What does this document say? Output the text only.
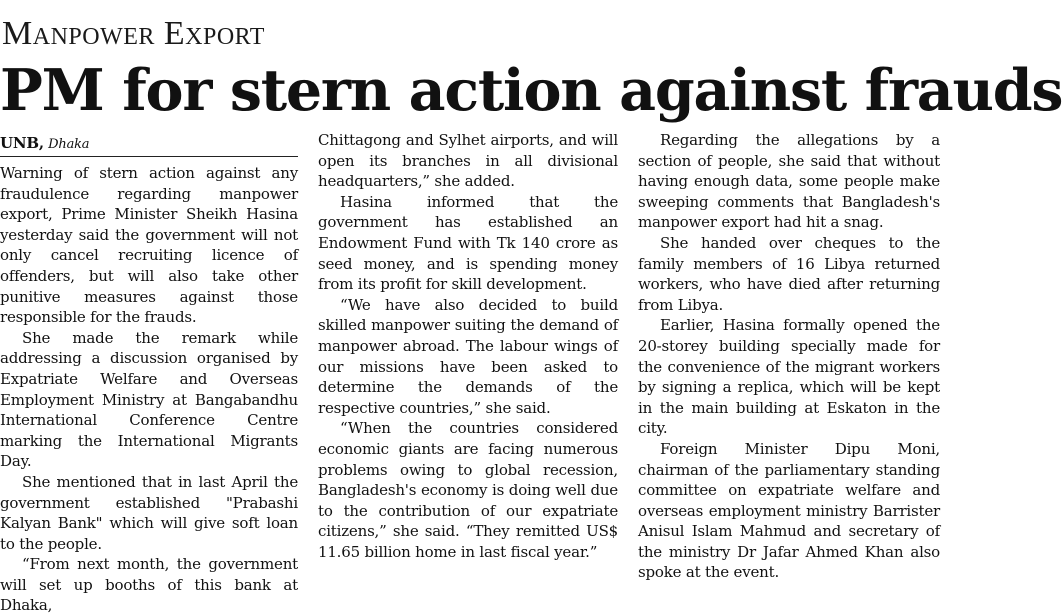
Manpower Export
PM for stern action against frauds
UNB, Dhaka

Warning of stern action against any fraudulence regarding manpower export, Prime Minister Sheikh Hasina yesterday said the government will not only cancel recruiting licence of offenders, but will also take other punitive measures against those responsible for the frauds.

She made the remark while addressing a discussion organised by Expatriate Welfare and Overseas Employment Ministry at Bangabandhu International Conference Centre marking the International Migrants Day.

She mentioned that in last April the government established "Prabashi Kalyan Bank" which will give soft loan to the people.

“From next month, the government will set up booths of this bank at Dhaka,

Chittagong and Sylhet airports, and will open its branches in all divisional headquarters,” she added.

Hasina informed that the government has established an Endowment Fund with Tk 140 crore as seed money, and is spending money from its profit for skill development.

“We have also decided to build skilled manpower suiting the demand of manpower abroad. The labour wings of our missions have been asked to determine the demands of the respective countries,” she said.

“When the countries considered economic giants are facing numerous problems owing to global recession, Bangladesh's economy is doing well due to the contribution of our expatriate citizens,” she said. “They remitted US$ 11.65 billion home in last fiscal year.”

Regarding the allegations by a section of people, she said that without having enough data, some people make sweeping comments that Bangladesh's manpower export had hit a snag.

She handed over cheques to the family members of 16 Libya returned workers, who have died after returning from Libya.

Earlier, Hasina formally opened the 20-storey building specially made for the convenience of the migrant workers by signing a replica, which will be kept in the main building at Eskaton in the city.

Foreign Minister Dipu Moni, chairman of the parliamentary standing committee on expatriate welfare and overseas employment ministry Barrister Anisul Islam Mahmud and secretary of the ministry Dr Jafar Ahmed Khan also spoke at the event.
